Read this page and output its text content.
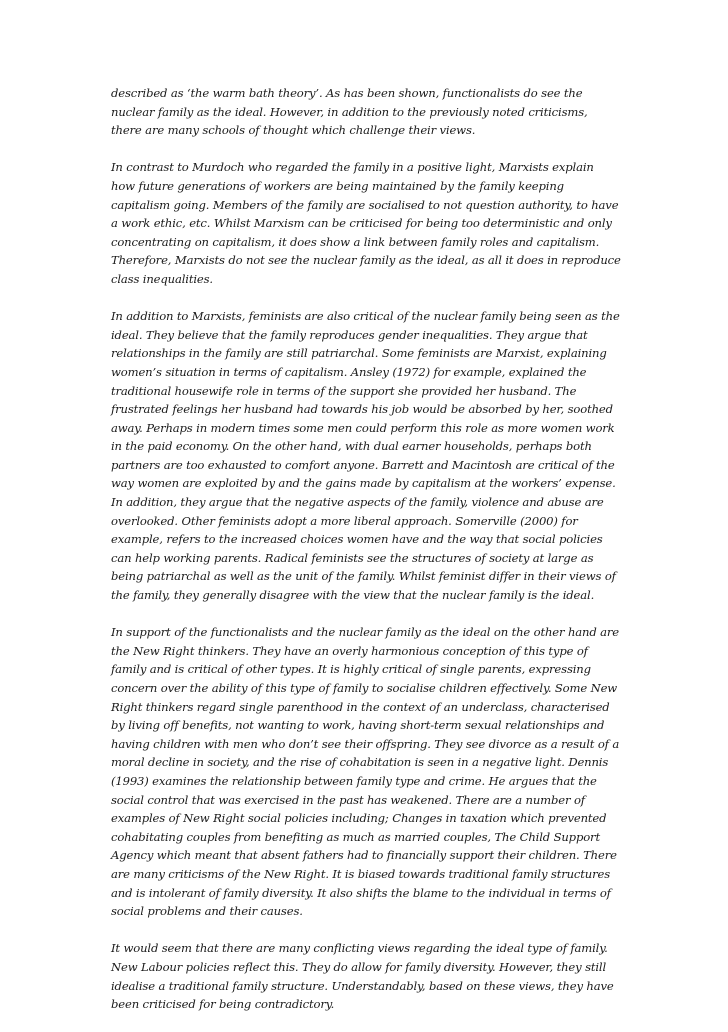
described as ‘the warm bath theory’. As has been shown, functionalists do see the nuclear family as the ideal. However, in addition to the previously noted criticisms, there are many schools of thought which challenge their views.

In contrast to Murdoch who regarded the family in a positive light, Marxists explain how future generations of workers are being maintained by the family keeping capitalism going. Members of the family are socialised to not question authority, to have a work ethic, etc. Whilst Marxism can be criticised for being too deterministic and only concentrating on capitalism, it does show a link between family roles and capitalism. Therefore, Marxists do not see the nuclear family as the ideal, as all it does in reproduce class inequalities.

In addition to Marxists, feminists are also critical of the nuclear family being seen as the ideal. They believe that the family reproduces gender inequalities. They argue that relationships in the family are still patriarchal. Some feminists are Marxist, explaining women’s situation in terms of capitalism. Ansley (1972) for example, explained the traditional housewife role in terms of the support she provided her husband. The frustrated feelings her husband had towards his job would be absorbed by her, soothed away. Perhaps in modern times some men could perform this role as more women work in the paid economy. On the other hand, with dual earner households, perhaps both partners are too exhausted to comfort anyone. Barrett and Macintosh are critical of the way women are exploited by and the gains made by capitalism at the workers’ expense. In addition, they argue that the negative aspects of the family, violence and abuse are overlooked. Other feminists adopt a more liberal approach. Somerville (2000) for example, refers to the increased choices women have and the way that social policies can help working parents. Radical feminists see the structures of society at large as being patriarchal as well as the unit of the family. Whilst feminist differ in their views of the family, they generally disagree with the view that the nuclear family is the ideal.

In support of the functionalists and the nuclear family as the ideal on the other hand are the New Right thinkers. They have an overly harmonious conception of this type of family and is critical of other types. It is highly critical of single parents, expressing concern over the ability of this type of family to socialise children effectively. Some New Right thinkers regard single parenthood in the context of an underclass, characterised by living off benefits, not wanting to work, having short-term sexual relationships and having children with men who don’t see their offspring. They see divorce as a result of a moral decline in society, and the rise of cohabitation is seen in a negative light. Dennis (1993) examines the relationship between family type and crime. He argues that the social control that was exercised in the past has weakened. There are a number of examples of New Right social policies including; Changes in taxation which prevented cohabitating couples from benefiting as much as married couples, The Child Support Agency which meant that absent fathers had to financially support their children. There are many criticisms of the New Right. It is biased towards traditional family structures and is intolerant of family diversity. It also shifts the blame to the individual in terms of social problems and their causes.

It would seem that there are many conflicting views regarding the ideal type of family. New Labour policies reflect this. They do allow for family diversity. However, they still idealise a traditional family structure. Understandably, based on these views, they have been criticised for being contradictory.
